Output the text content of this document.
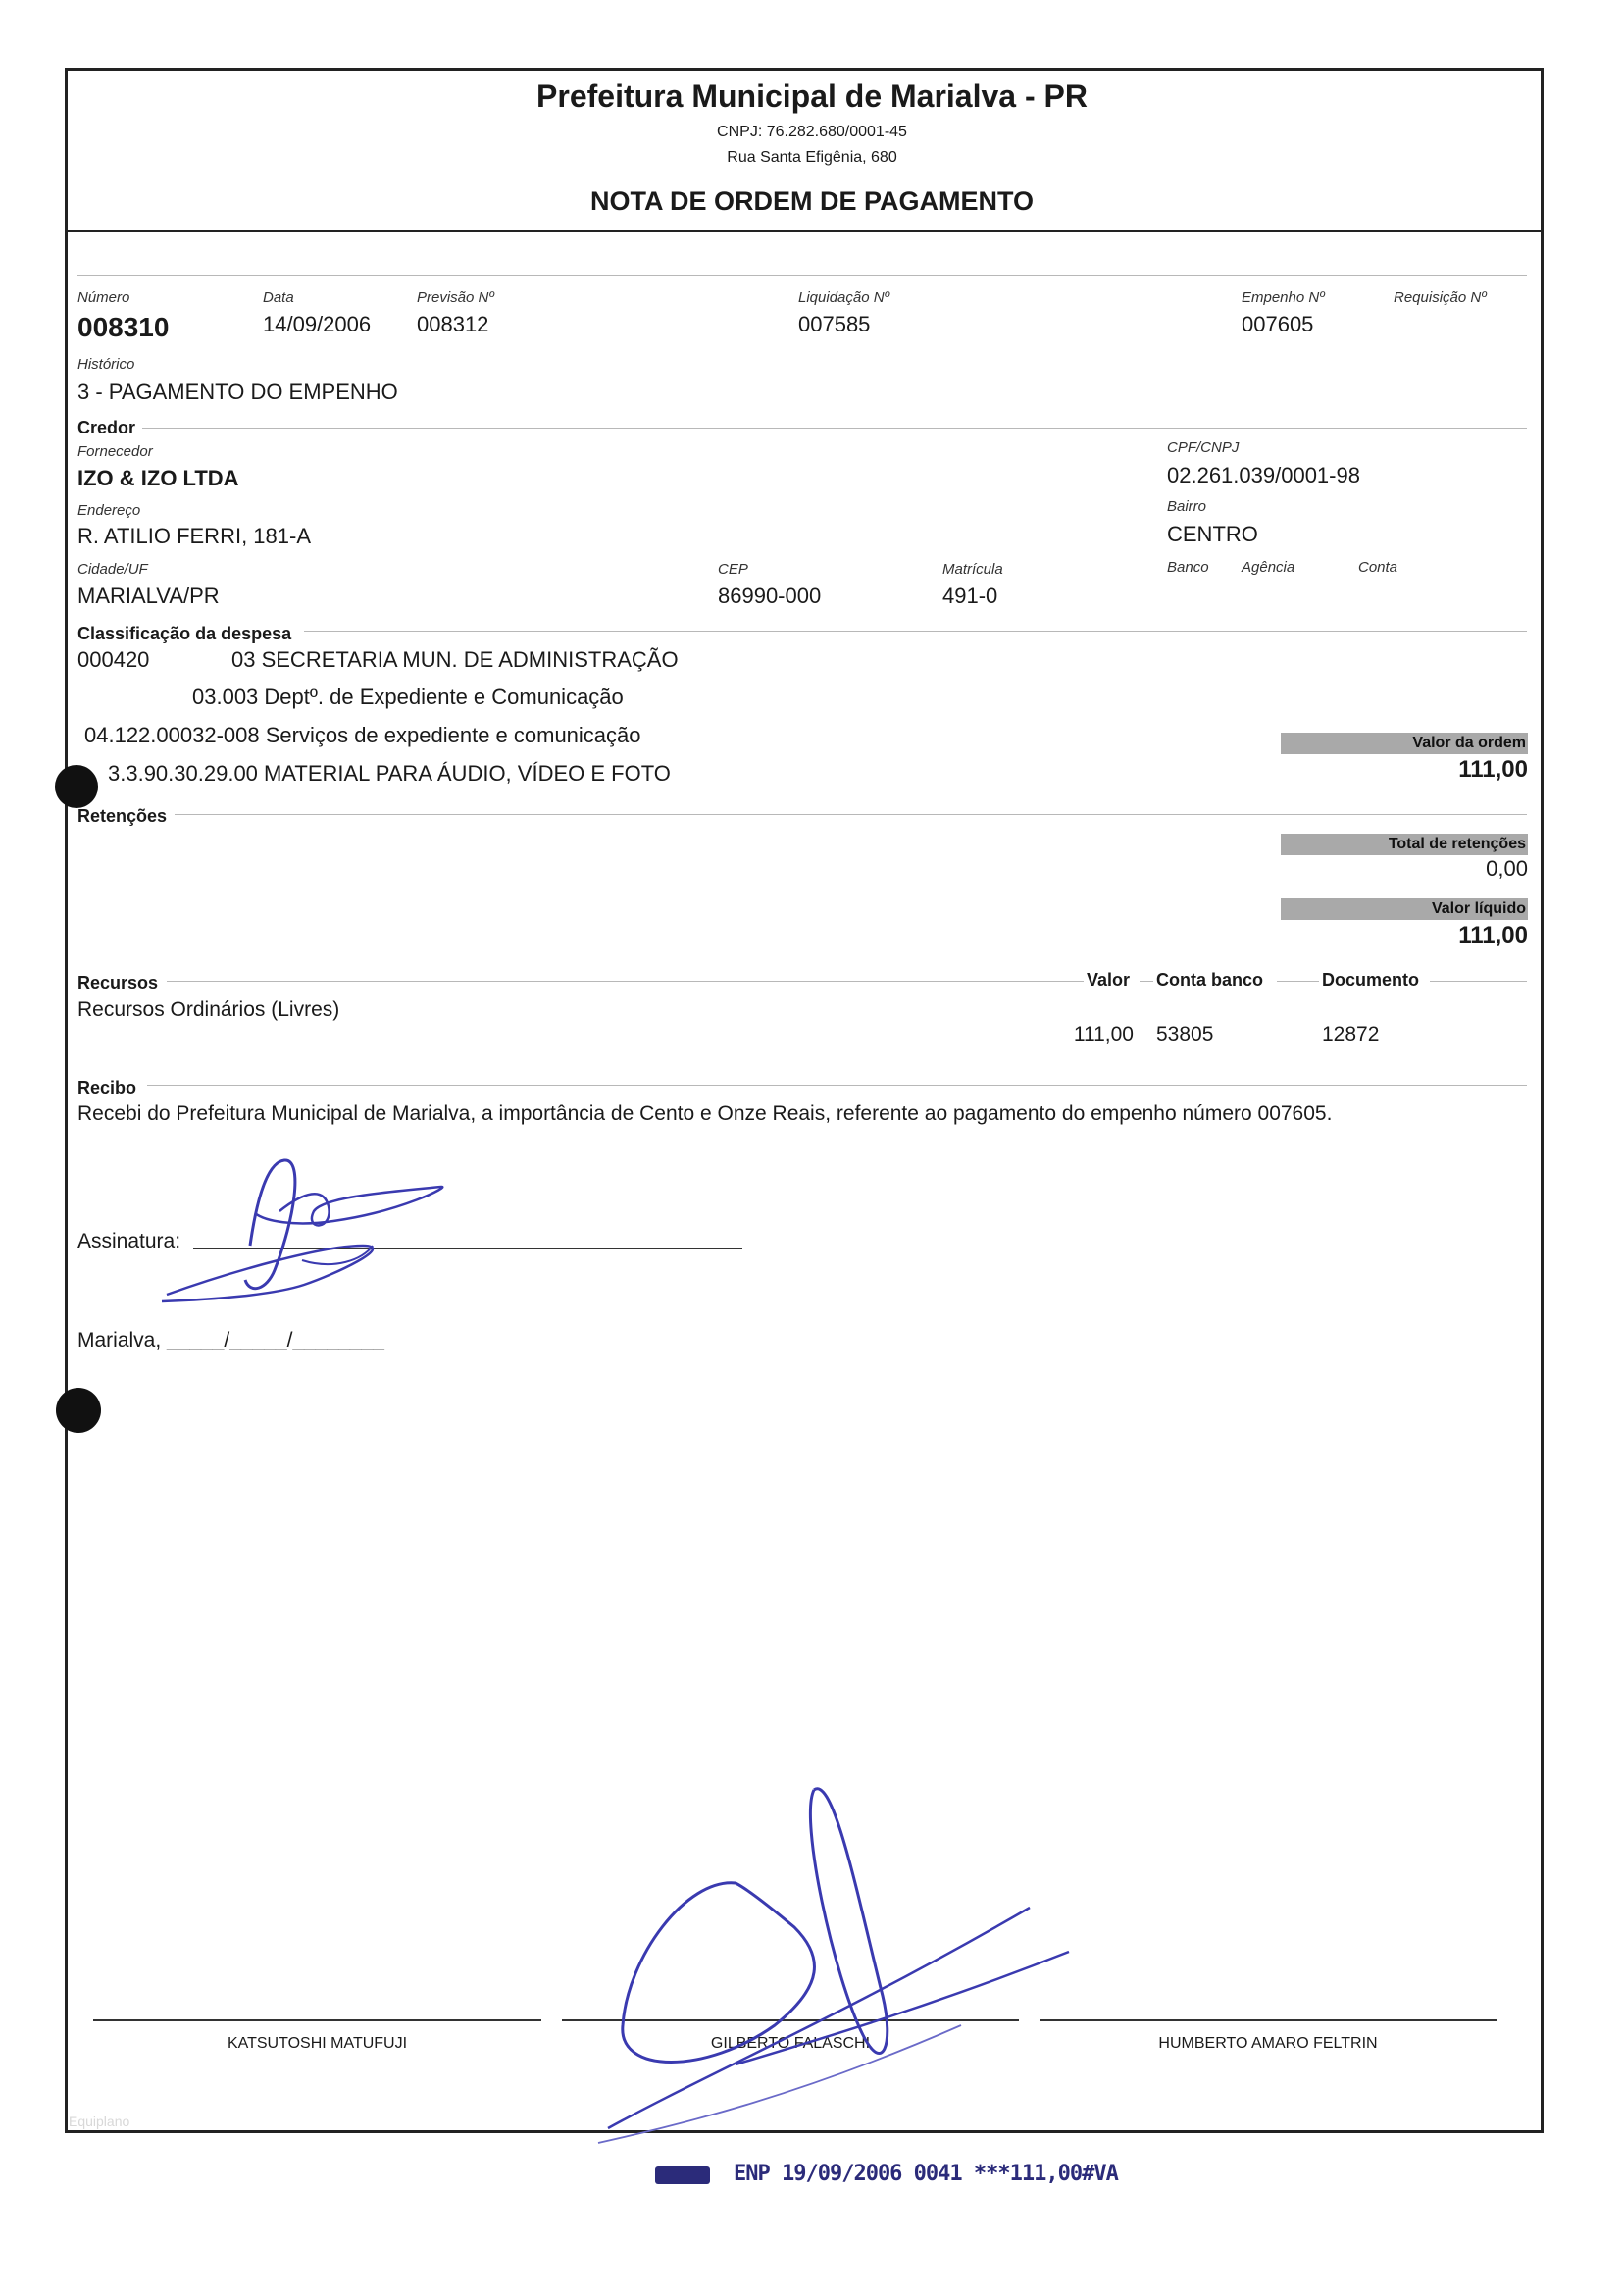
Prefeitura Municipal de Marialva - PR
CNPJ: 76.282.680/0001-45
Rua Santa Efigênia, 680
NOTA DE ORDEM DE PAGAMENTO
Número
008310
Data
14/09/2006
Previsão Nº
008312
Liquidação Nº
007585
Empenho Nº
007605
Requisição Nº
Histórico
3 - PAGAMENTO DO EMPENHO
Credor
Fornecedor
IZO & IZO LTDA
CPF/CNPJ
02.261.039/0001-98
Endereço
R. ATILIO FERRI, 181-A
Bairro
CENTRO
Cidade/UF
MARIALVA/PR
CEP
86990-000
Matrícula
491-0
Banco Agência	Conta
Classificação da despesa
000420	03 SECRETARIA MUN. DE ADMINISTRAÇÃO
03.003 Deptº. de Expediente e Comunicação
04.122.00032-008 Serviços de expediente e comunicação
3.3.90.30.29.00 MATERIAL PARA ÁUDIO, VÍDEO E FOTO
Valor da ordem
111,00
Retenções
Total de retenções
0,00
Valor líquido
111,00
Recursos	Valor Conta banco	Documento
Recursos Ordinários (Livres)
111,00 53805	12872
Recibo
Recebi do Prefeitura Municipal de Marialva, a importância de Cento e Onze Reais, referente ao pagamento do empenho número 007605.
Assinatura:
Marialva, _____/_____/________
KATSUTOSHI MATUFUJI	GILBERTO FALASCHI	HUMBERTO AMARO FELTRIN
Equiplano
ENP 19/09/2006 0041 ***111,00#VA
